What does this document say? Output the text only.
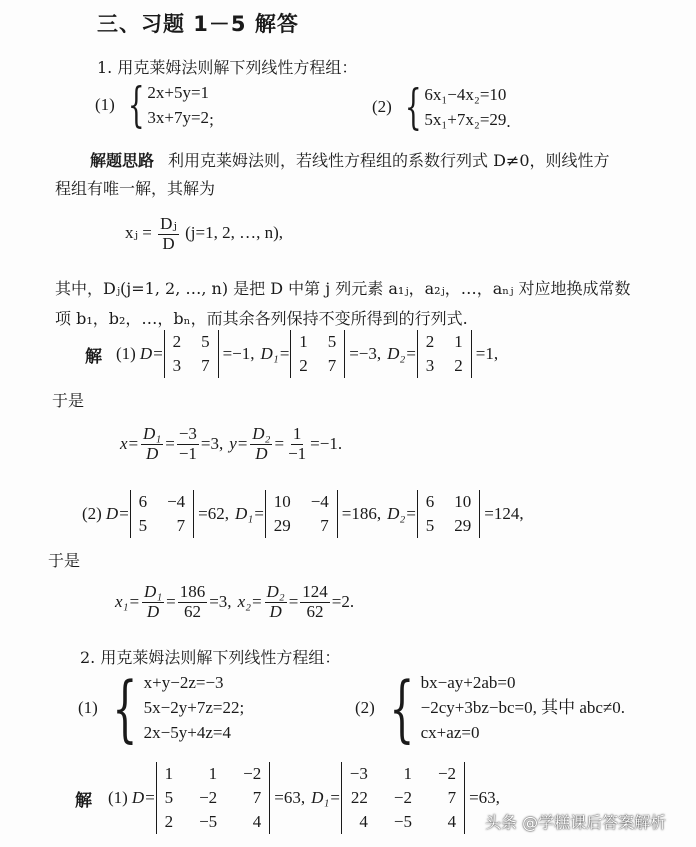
三、习题 1－5 解答
1. 用克莱姆法则解下列线性方程组：
(1) { 2x+5y=1
3x+7y=2 ;
(2) { 6x₁−4x₂=10
5x₁+7x₂=29 .
解题思路 利用克莱姆法则，若线性方程组的系数行列式 D≠0，则线性方
程组有唯一解，其解为
xⱼ = $\frac{\text{Dⱼ}}{D} (j=1$, 2, …, n),
其中，Dⱼ(j=1, 2, …, n) 是把 D 中第 j 列元素 a₁ⱼ，a₂ⱼ，…，aₙⱼ 对应地换成常数
项 b₁，b₂，…，bₙ，而其余各列保持不变所得到的行列式.
解 (1) D=
2 5
3 7
=−1, D₁=
1 5
2 7
=−3, D₂=
2 1
3 2
=1,
于是
$x= \frac{\text{D₁}}{D} = \frac{-3}{-1} =3$, $y= \frac{\text{D₂}}{D} = \frac{1}{-1} =-1$.
(2) D=
6 −4
5	7
=62, D₁=
10 −4
29	7
=186, D₂=
6 10
5 29
=124,
于是
$x_1= \frac{\text{D₁}}{D} = \frac{186}{62} =3$, $x_2= \frac{\text{D₂}}{D} = \frac{124}{62} =2$.
2. 用克莱姆法则解下列线性方程组：
(1) { x+y−2z=−3
5x−2y+7z=22;
2x−5y+4z=4
(2) { bx−ay+2ab=0
−2cy+3bz−bc=0, 其中 abc≠0.
cx+az=0
解 (1) D=
1	1 −2
5 −2	7
2 −5	4
=63, D₁=
−3	1 −2
22 −2	7
4 −5	4
=63,
头条 @学糕课后答案解析
